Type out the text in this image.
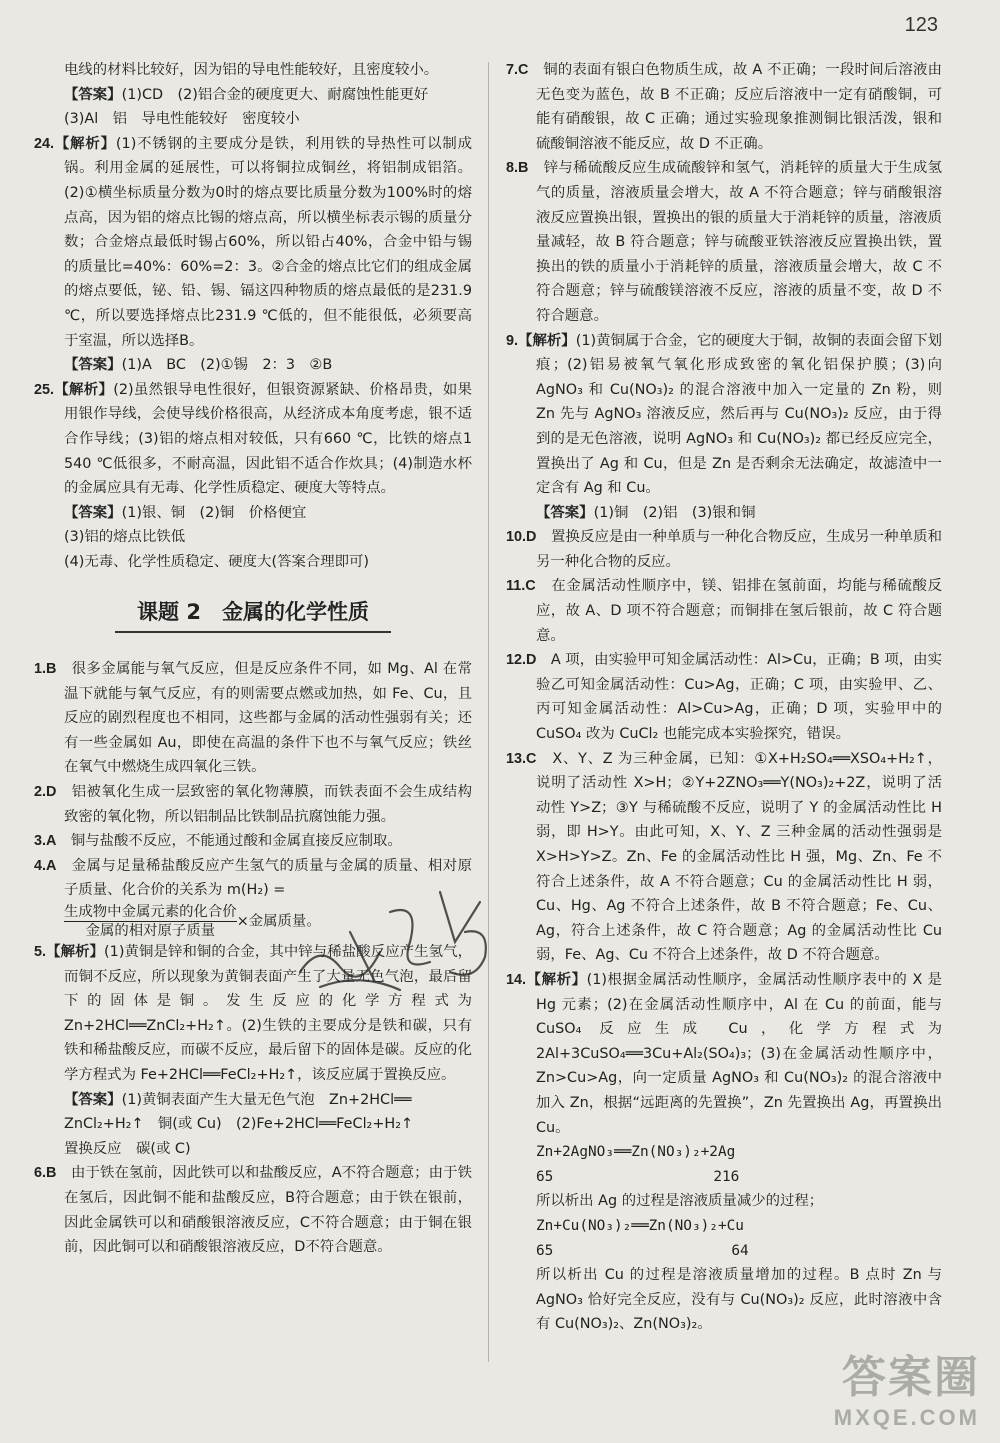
123

电线的材料比较好，因为铝的导电性能较好，且密度较小。

【答案】(1)CD　(2)铝合金的硬度更大、耐腐蚀性能更好

(3)Al　铝　导电性能较好　密度较小

24.【解析】(1)不锈钢的主要成分是铁，利用铁的导热性可以制成锅。利用金属的延展性，可以将铜拉成铜丝，将铝制成铝箔。(2)①横坐标质量分数为0时的熔点要比质量分数为100%时的熔点高，因为铝的熔点比锡的熔点高，所以横坐标表示锡的质量分数；合金熔点最低时锡占60%，所以铅占40%，合金中铅与锡的质量比=40%：60%=2：3。②合金的熔点比它们的组成金属的熔点要低，铋、铅、锡、镉这四种物质的熔点最低的是231.9 ℃，所以要选择熔点比231.9 ℃低的，但不能很低，必须要高于室温，所以选择B。

【答案】(1)A　BC　(2)①锡　2：3　②B

25.【解析】(2)虽然银导电性很好，但银资源紧缺、价格昂贵，如果用银作导线，会使导线价格很高，从经济成本角度考虑，银不适合作导线；(3)铝的熔点相对较低，只有660 ℃，比铁的熔点1 540 ℃低很多，不耐高温，因此铝不适合作炊具；(4)制造水杯的金属应具有无毒、化学性质稳定、硬度大等特点。

【答案】(1)银、铜　(2)铜　价格便宜

(3)铝的熔点比铁低

(4)无毒、化学性质稳定、硬度大(答案合理即可)

课题 2　金属的化学性质

1.B　 很多金属能与氧气反应，但是反应条件不同，如 Mg、Al 在常温下就能与氧气反应，有的则需要点燃或加热，如 Fe、Cu，且反应的剧烈程度也不相同，这些都与金属的活动性强弱有关；还有一些金属如 Au，即使在高温的条件下也不与氧气反应；铁丝在氧气中燃烧生成四氧化三铁。

2.D　 铝被氧化生成一层致密的氧化物薄膜，而铁表面不会生成结构致密的氧化物，所以铝制品比铁制品抗腐蚀能力强。

3.A　 铜与盐酸不反应，不能通过酸和金属直接反应制取。

4.A　 金属与足量稀盐酸反应产生氢气的质量与金属的质量、相对原子质量、化合价的关系为 m(H₂) =

$\frac{\text{生成物中金属元素的化合价}}{\text{金属的相对原子质量}}$ ×金属质量。

5.【解析】(1)黄铜是锌和铜的合金，其中锌与稀盐酸反应产生氢气，而铜不反应，所以现象为黄铜表面产生了大量无色气泡，最后留下的固体是铜。发生反应的化学方程式为 Zn+2HCl══ZnCl₂+H₂↑。(2)生铁的主要成分是铁和碳，只有铁和稀盐酸反应，而碳不反应，最后留下的固体是碳。反应的化学方程式为 Fe+2HCl══FeCl₂+H₂↑，该反应属于置换反应。

【答案】(1)黄铜表面产生大量无色气泡　Zn+2HCl══

ZnCl₂+H₂↑　铜(或 Cu)　(2)Fe+2HCl══FeCl₂+H₂↑

置换反应　碳(或 C)

6.B　 由于铁在氢前，因此铁可以和盐酸反应，A不符合题意；由于铁在氢后，因此铜不能和盐酸反应，B符合题意；由于铁在银前，因此金属铁可以和硝酸银溶液反应，C不符合题意；由于铜在银前，因此铜可以和硝酸银溶液反应，D不符合题意。

7.C　 铜的表面有银白色物质生成，故 A 不正确；一段时间后溶液由无色变为蓝色，故 B 不正确；反应后溶液中一定有硝酸铜，可能有硝酸银，故 C 正确；通过实验现象推测铜比银活泼，银和硫酸铜溶液不能反应，故 D 不正确。

8.B　 锌与稀硫酸反应生成硫酸锌和氢气，消耗锌的质量大于生成氢气的质量，溶液质量会增大，故 A 不符合题意；锌与硝酸银溶液反应置换出银，置换出的银的质量大于消耗锌的质量，溶液质量减轻，故 B 符合题意；锌与硫酸亚铁溶液反应置换出铁，置换出的铁的质量小于消耗锌的质量，溶液质量会增大，故 C 不符合题意；锌与硫酸镁溶液不反应，溶液的质量不变，故 D 不符合题意。

9.【解析】(1)黄铜属于合金，它的硬度大于铜，故铜的表面会留下划痕；(2)铝易被氧气氧化形成致密的氧化铝保护膜；(3)向 AgNO₃ 和 Cu(NO₃)₂ 的混合溶液中加入一定量的 Zn 粉，则 Zn 先与 AgNO₃ 溶液反应，然后再与 Cu(NO₃)₂ 反应，由于得到的是无色溶液，说明 AgNO₃ 和 Cu(NO₃)₂ 都已经反应完全，置换出了 Ag 和 Cu，但是 Zn 是否剩余无法确定，故滤渣中一定含有 Ag 和 Cu。

【答案】(1)铜　(2)铝　(3)银和铜

10.D　 置换反应是由一种单质与一种化合物反应，生成另一种单质和另一种化合物的反应。

11.C　 在金属活动性顺序中，镁、铝排在氢前面，均能与稀硫酸反应，故 A、D 项不符合题意；而铜排在氢后银前，故 C 符合题意。

12.D　 A 项，由实验甲可知金属活动性：Al>Cu，正确；B 项，由实验乙可知金属活动性：Cu>Ag，正确；C 项，由实验甲、乙、丙可知金属活动性：Al>Cu>Ag，正确；D 项，实验甲中的 CuSO₄ 改为 CuCl₂ 也能完成本实验探究，错误。

13.C　 X、Y、Z 为三种金属，已知：①X+H₂SO₄══XSO₄+H₂↑，说明了活动性 X>H；②Y+2ZNO₃══Y(NO₃)₂+2Z，说明了活动性 Y>Z；③Y 与稀硫酸不反应，说明了 Y 的金属活动性比 H 弱，即 H>Y。由此可知，X、Y、Z 三种金属的活动性强弱是 X>H>Y>Z。Zn、Fe 的金属活动性比 H 强，Mg、Zn、Fe 不符合上述条件，故 A 不符合题意；Cu 的金属活动性比 H 弱，Cu、Hg、Ag 不符合上述条件，故 B 不符合题意；Fe、Cu、Ag，符合上述条件，故 C 符合题意；Ag 的金属活动性比 Cu 弱，Fe、Ag、Cu 不符合上述条件，故 D 不符合题意。

14.【解析】(1)根据金属活动性顺序，金属活动性顺序表中的 X 是 Hg 元素；(2)在金属活动性顺序中，Al 在 Cu 的前面，能与 CuSO₄ 反应生成 Cu，化学方程式为 2Al+3CuSO₄══3Cu+Al₂(SO₄)₃；(3)在金属活动性顺序中，Zn>Cu>Ag，向一定质量 AgNO₃ 和 Cu(NO₃)₂ 的混合溶液中加入 Zn，根据“远距离的先置换”，Zn 先置换出 Ag，再置换出 Cu。

Zn+2AgNO₃══Zn(NO₃)₂+2Ag

65	216

所以析出 Ag 的过程是溶液质量减少的过程；

Zn+Cu(NO₃)₂══Zn(NO₃)₂+Cu

65	64

所以析出 Cu 的过程是溶液质量增加的过程。B 点时 Zn 与 AgNO₃ 恰好完全反应，没有与 Cu(NO₃)₂ 反应，此时溶液中含有 Cu(NO₃)₂、Zn(NO₃)₂。

答案圈
MXQE.COM
